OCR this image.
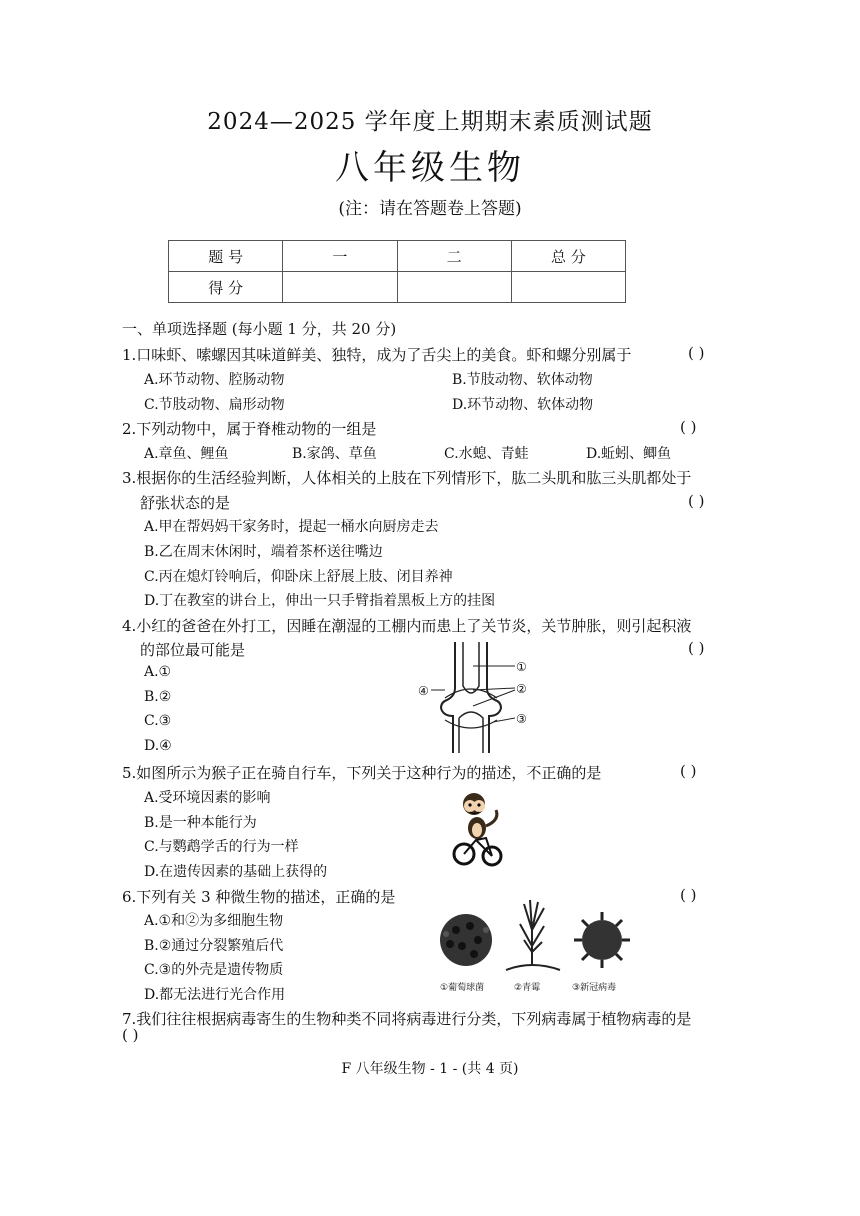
2024—2025 学年度上期期末素质测试题
八年级生物
(注：请在答题卷上答题)
题 号	一	二	总 分
得 分			
一、单项选择题 (每小题 1 分，共 20 分)
1.口味虾、嗦螺因其味道鲜美、独特，成为了舌尖上的美食。虾和螺分别属于	( )
A.环节动物、腔肠动物	B.节肢动物、软体动物
C.节肢动物、扁形动物	D.环节动物、软体动物
2.下列动物中，属于脊椎动物的一组是	( )
A.章鱼、鲤鱼	B.家鸽、草鱼	C.水螅、青蛙	D.蚯蚓、鲫鱼
3.根据你的生活经验判断，人体相关的上肢在下列情形下，肱二头肌和肱三头肌都处于
舒张状态的是	( )
A.甲在帮妈妈干家务时，提起一桶水向厨房走去
B.乙在周末休闲时，端着茶杯送往嘴边
C.丙在熄灯铃响后，仰卧床上舒展上肢、闭目养神
D.丁在教室的讲台上，伸出一只手臂指着黑板上方的挂图
4.小红的爸爸在外打工，因睡在潮湿的工棚内而患上了关节炎，关节肿胀，则引起积液
的部位最可能是	( )
A.①
B.②
C.③
D.④
①
②
③
④
5.如图所示为猴子正在骑自行车，下列关于这种行为的描述，不正确的是	( )
A.受环境因素的影响
B.是一种本能行为
C.与鹦鹉学舌的行为一样
D.在遗传因素的基础上获得的
6.下列有关 3 种微生物的描述，正确的是	( )
A.①和②为多细胞生物
B.②通过分裂繁殖后代
C.③的外壳是遗传物质
D.都无法进行光合作用	①葡萄球菌	②青霉	③新冠病毒
7.我们往往根据病毒寄生的生物种类不同将病毒进行分类，下列病毒属于植物病毒的是
( )
F 八年级生物 - 1 - (共 4 页)
